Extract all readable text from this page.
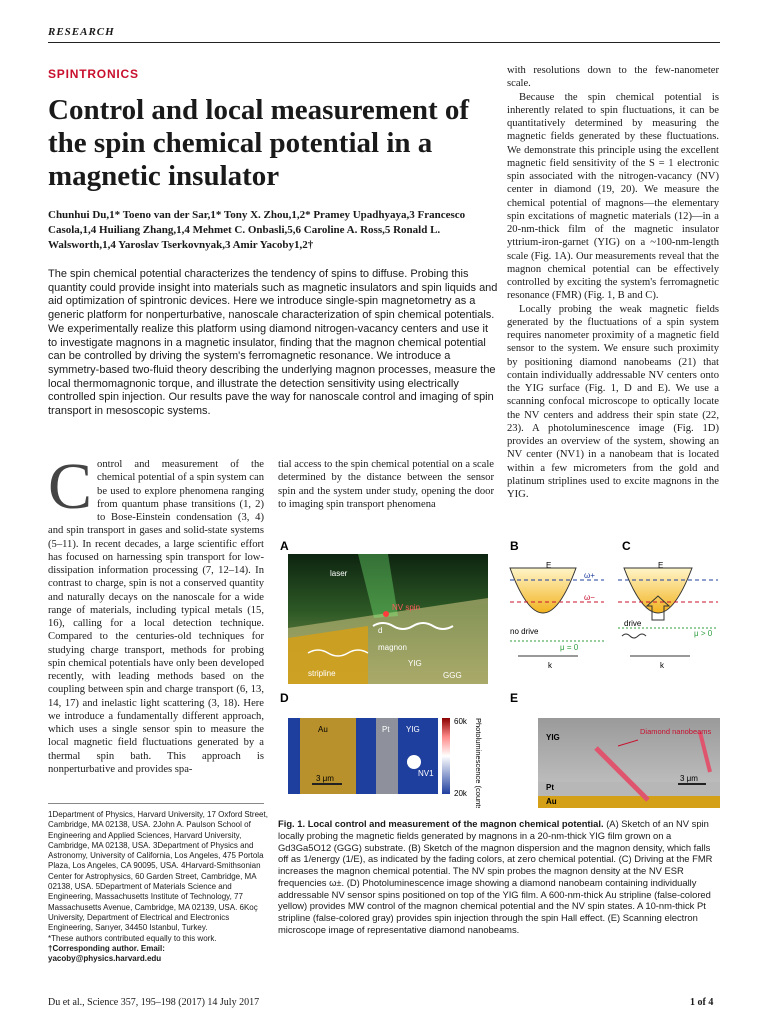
RESEARCH
SPINTRONICS
Control and local measurement of the spin chemical potential in a magnetic insulator
Chunhui Du,1* Toeno van der Sar,1* Tony X. Zhou,1,2* Pramey Upadhyaya,3 Francesco Casola,1,4 Huiliang Zhang,1,4 Mehmet C. Onbasli,5,6 Caroline A. Ross,5 Ronald L. Walsworth,1,4 Yaroslav Tserkovnyak,3 Amir Yacoby1,2†
The spin chemical potential characterizes the tendency of spins to diffuse. Probing this quantity could provide insight into materials such as magnetic insulators and spin liquids and aid optimization of spintronic devices. Here we introduce single-spin magnetometry as a generic platform for nonperturbative, nanoscale characterization of spin chemical potentials. We experimentally realize this platform using diamond nitrogen-vacancy centers and use it to investigate magnons in a magnetic insulator, finding that the magnon chemical potential can be controlled by driving the system's ferromagnetic resonance. We introduce a symmetry-based two-fluid theory describing the underlying magnon processes, measure the local thermomagnonic torque, and illustrate the detection sensitivity using electrically controlled spin injection. Our results pave the way for nanoscale control and imaging of spin transport in mesoscopic systems.
Control and measurement of the chemical potential of a spin system can be used to explore phenomena ranging from quantum phase transitions (1, 2) to Bose-Einstein condensation (3, 4) and spin transport in gases and solid-state systems (5–11). In recent decades, a large scientific effort has focused on harnessing spin transport for low-dissipation information processing (7, 12–14). In contrast to charge, spin is not a conserved quantity and naturally decays on the nanoscale for a wide range of materials, including typical metals (15, 16), calling for a local detection technique. Compared to the centuries-old techniques for studying charge transport, methods for probing spin chemical potentials have only been developed recently, with leading methods based on the coupling between spin and charge transport (6, 13, 14, 17) and inelastic light scattering (3, 18). Here we introduce a fundamentally different approach, which uses a single sensor spin to measure the local magnetic field fluctuations generated by a thermal spin bath. This approach is nonperturbative and provides spa-
tial access to the spin chemical potential on a scale determined by the distance between the sensor spin and the system under study, opening the door to imaging spin transport phenomena

with resolutions down to the few-nanometer scale.

Because the spin chemical potential is inherently related to spin fluctuations, it can be quantitatively determined by measuring the magnetic fields generated by these fluctuations. We demonstrate this principle using the excellent magnetic field sensitivity of the S = 1 electronic spin associated with the nitrogen-vacancy (NV) center in diamond (19, 20). We measure the chemical potential of magnons—the elementary spin excitations of magnetic materials (12)—in a 20-nm-thick film of the magnetic insulator yttrium-iron-garnet (YIG) on a ~100-nm-length scale (Fig. 1A). Our measurements reveal that the magnon chemical potential can be effectively controlled by exciting the system's ferromagnetic resonance (FMR) (Fig. 1, B and C).

Locally probing the weak magnetic fields generated by the fluctuations of a spin system requires nanometer proximity of a magnetic field sensor to the system. We ensure such proximity by positioning diamond nanobeams (21) that contain individually addressable NV centers onto the YIG surface (Fig. 1, D and E). We use a scanning confocal microscope to optically locate the NV centers and address their spin state (22, 23). A photoluminescence image (Fig. 1D) provides an overview of the system, showing an NV center (NV1) in a nanobeam that is located within a few micrometers from the gold and platinum striplines used to excite magnons in the YIG.

1Department of Physics, Harvard University, 17 Oxford Street, Cambridge, MA 02138, USA. 2John A. Paulson School of Engineering and Applied Sciences, Harvard University, Cambridge, MA 02138, USA. 3Department of Physics and Astronomy, University of California, Los Angeles, 475 Portola Plaza, Los Angeles, CA 90095, USA. 4Harvard-Smithsonian Center for Astrophysics, 60 Garden Street, Cambridge, MA 02138, USA. 5Department of Materials Science and Engineering, Massachusetts Institute of Technology, 77 Massachusetts Avenue, Cambridge, MA 02139, USA. 6Koç University, Department of Electrical and Electronics Engineering, Sarıyer, 34450 Istanbul, Turkey.
*These authors contributed equally to this work.
†Corresponding author. Email: yacoby@physics.harvard.edu
A
laser
NV spin
d
magnon
YIG
stripline	GGG
B
E
ω+
ω−
no drive
μ = 0
k
C
E
drive
μ > 0
k
D
Au	Pt YIG
NV1
3 μm
60k
20k Photoluminescence (counts/s)
E
YIG
Pt
Au
Diamond nanobeams
3 μm
Fig. 1. Local control and measurement of the magnon chemical potential. (A) Sketch of an NV spin locally probing the magnetic fields generated by magnons in a 20-nm-thick YIG film grown on a Gd3Ga5O12 (GGG) substrate. (B) Sketch of the magnon dispersion and the magnon density, which falls off as 1/energy (1/E), as indicated by the fading colors, at zero chemical potential. (C) Driving at the FMR increases the magnon chemical potential. The NV spin probes the magnon density at the NV ESR frequencies ω±. (D) Photoluminescence image showing a diamond nanobeam containing individually addressable NV sensor spins positioned on top of the YIG film. A 600-nm-thick Au stripline (false-colored yellow) provides MW control of the magnon chemical potential and the NV spin states. A 10-nm-thick Pt stripline (false-colored gray) provides spin injection through the spin Hall effect. (E) Scanning electron microscope image of representative diamond nanobeams.
Du et al., Science 357, 195–198 (2017) 14 July 2017	1 of 4
